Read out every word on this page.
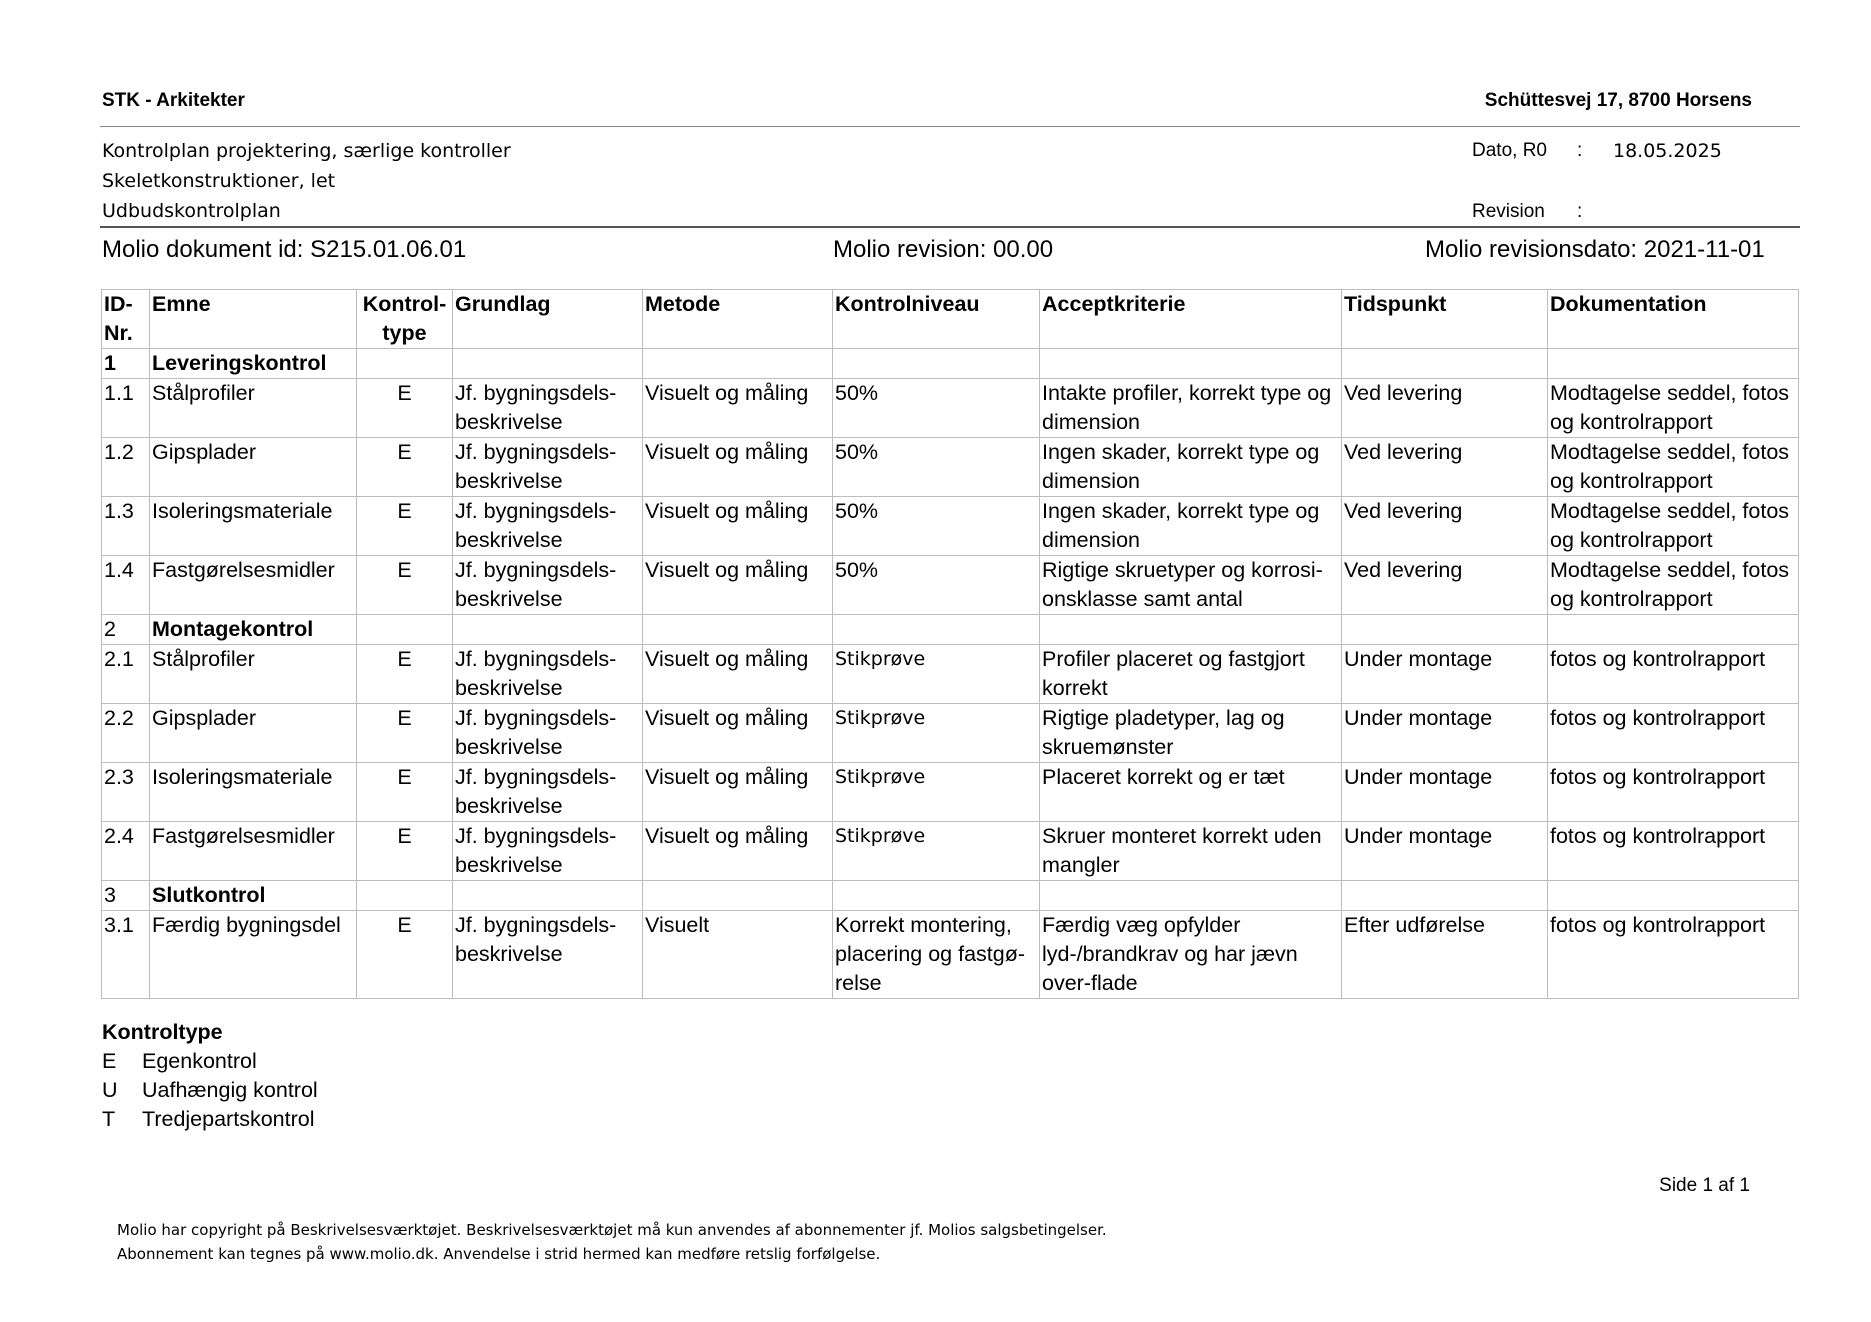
STK - Arkitekter	Schüttesvej 17, 8700 Horsens
Kontrolplan projektering, særlige kontroller
Skeletkonstruktioner, let
Udbudskontrolplan
Dato, R0	:	18.05.2025
Revision	:
Molio dokument id: S215.01.06.01	Molio revision: 00.00	Molio revisionsdato: 2021-11-01
ID-Nr.	Emne	Kontrol-type	Grundlag	Metode	Kontrolniveau	Acceptkriterie	Tidspunkt	Dokumentation
1	Leveringskontrol							
1.1	Stålprofiler	E	Jf. bygningsdels-beskrivelse	Visuelt og måling	50%	Intakte profiler, korrekt type og dimension	Ved levering	Modtagelse seddel, fotos og kontrolrapport
1.2	Gipsplader	E	Jf. bygningsdels-beskrivelse	Visuelt og måling	50%	Ingen skader, korrekt type og dimension	Ved levering	Modtagelse seddel, fotos og kontrolrapport
1.3	Isoleringsmateriale	E	Jf. bygningsdels-beskrivelse	Visuelt og måling	50%	Ingen skader, korrekt type og dimension	Ved levering	Modtagelse seddel, fotos og kontrolrapport
1.4	Fastgørelsesmidler	E	Jf. bygningsdels-beskrivelse	Visuelt og måling	50%	Rigtige skruetyper og korrosi-onsklasse samt antal	Ved levering	Modtagelse seddel, fotos og kontrolrapport
2	Montagekontrol							
2.1	Stålprofiler	E	Jf. bygningsdels-beskrivelse	Visuelt og måling	Stikprøve	Profiler placeret og fastgjort korrekt	Under montage	fotos og kontrolrapport
2.2	Gipsplader	E	Jf. bygningsdels-beskrivelse	Visuelt og måling	Stikprøve	Rigtige pladetyper, lag og skruemønster	Under montage	fotos og kontrolrapport
2.3	Isoleringsmateriale	E	Jf. bygningsdels-beskrivelse	Visuelt og måling	Stikprøve	Placeret korrekt og er tæt	Under montage	fotos og kontrolrapport
2.4	Fastgørelsesmidler	E	Jf. bygningsdels-beskrivelse	Visuelt og måling	Stikprøve	Skruer monteret korrekt uden mangler	Under montage	fotos og kontrolrapport
3	Slutkontrol							
3.1	Færdig bygningsdel	E	Jf. bygningsdels-beskrivelse	Visuelt	Korrekt montering, placering og fastgø-relse	Færdig væg opfylder lyd-/brandkrav og har jævn over-flade	Efter udførelse	fotos og kontrolrapport
Kontroltype
E	Egenkontrol
U	Uafhængig kontrol
T	Tredjepartskontrol
Side 1 af 1
Molio har copyright på Beskrivelsesværktøjet. Beskrivelsesværktøjet må kun anvendes af abonnementer jf. Molios salgsbetingelser.
Abonnement kan tegnes på www.molio.dk. Anvendelse i strid hermed kan medføre retslig forfølgelse.
